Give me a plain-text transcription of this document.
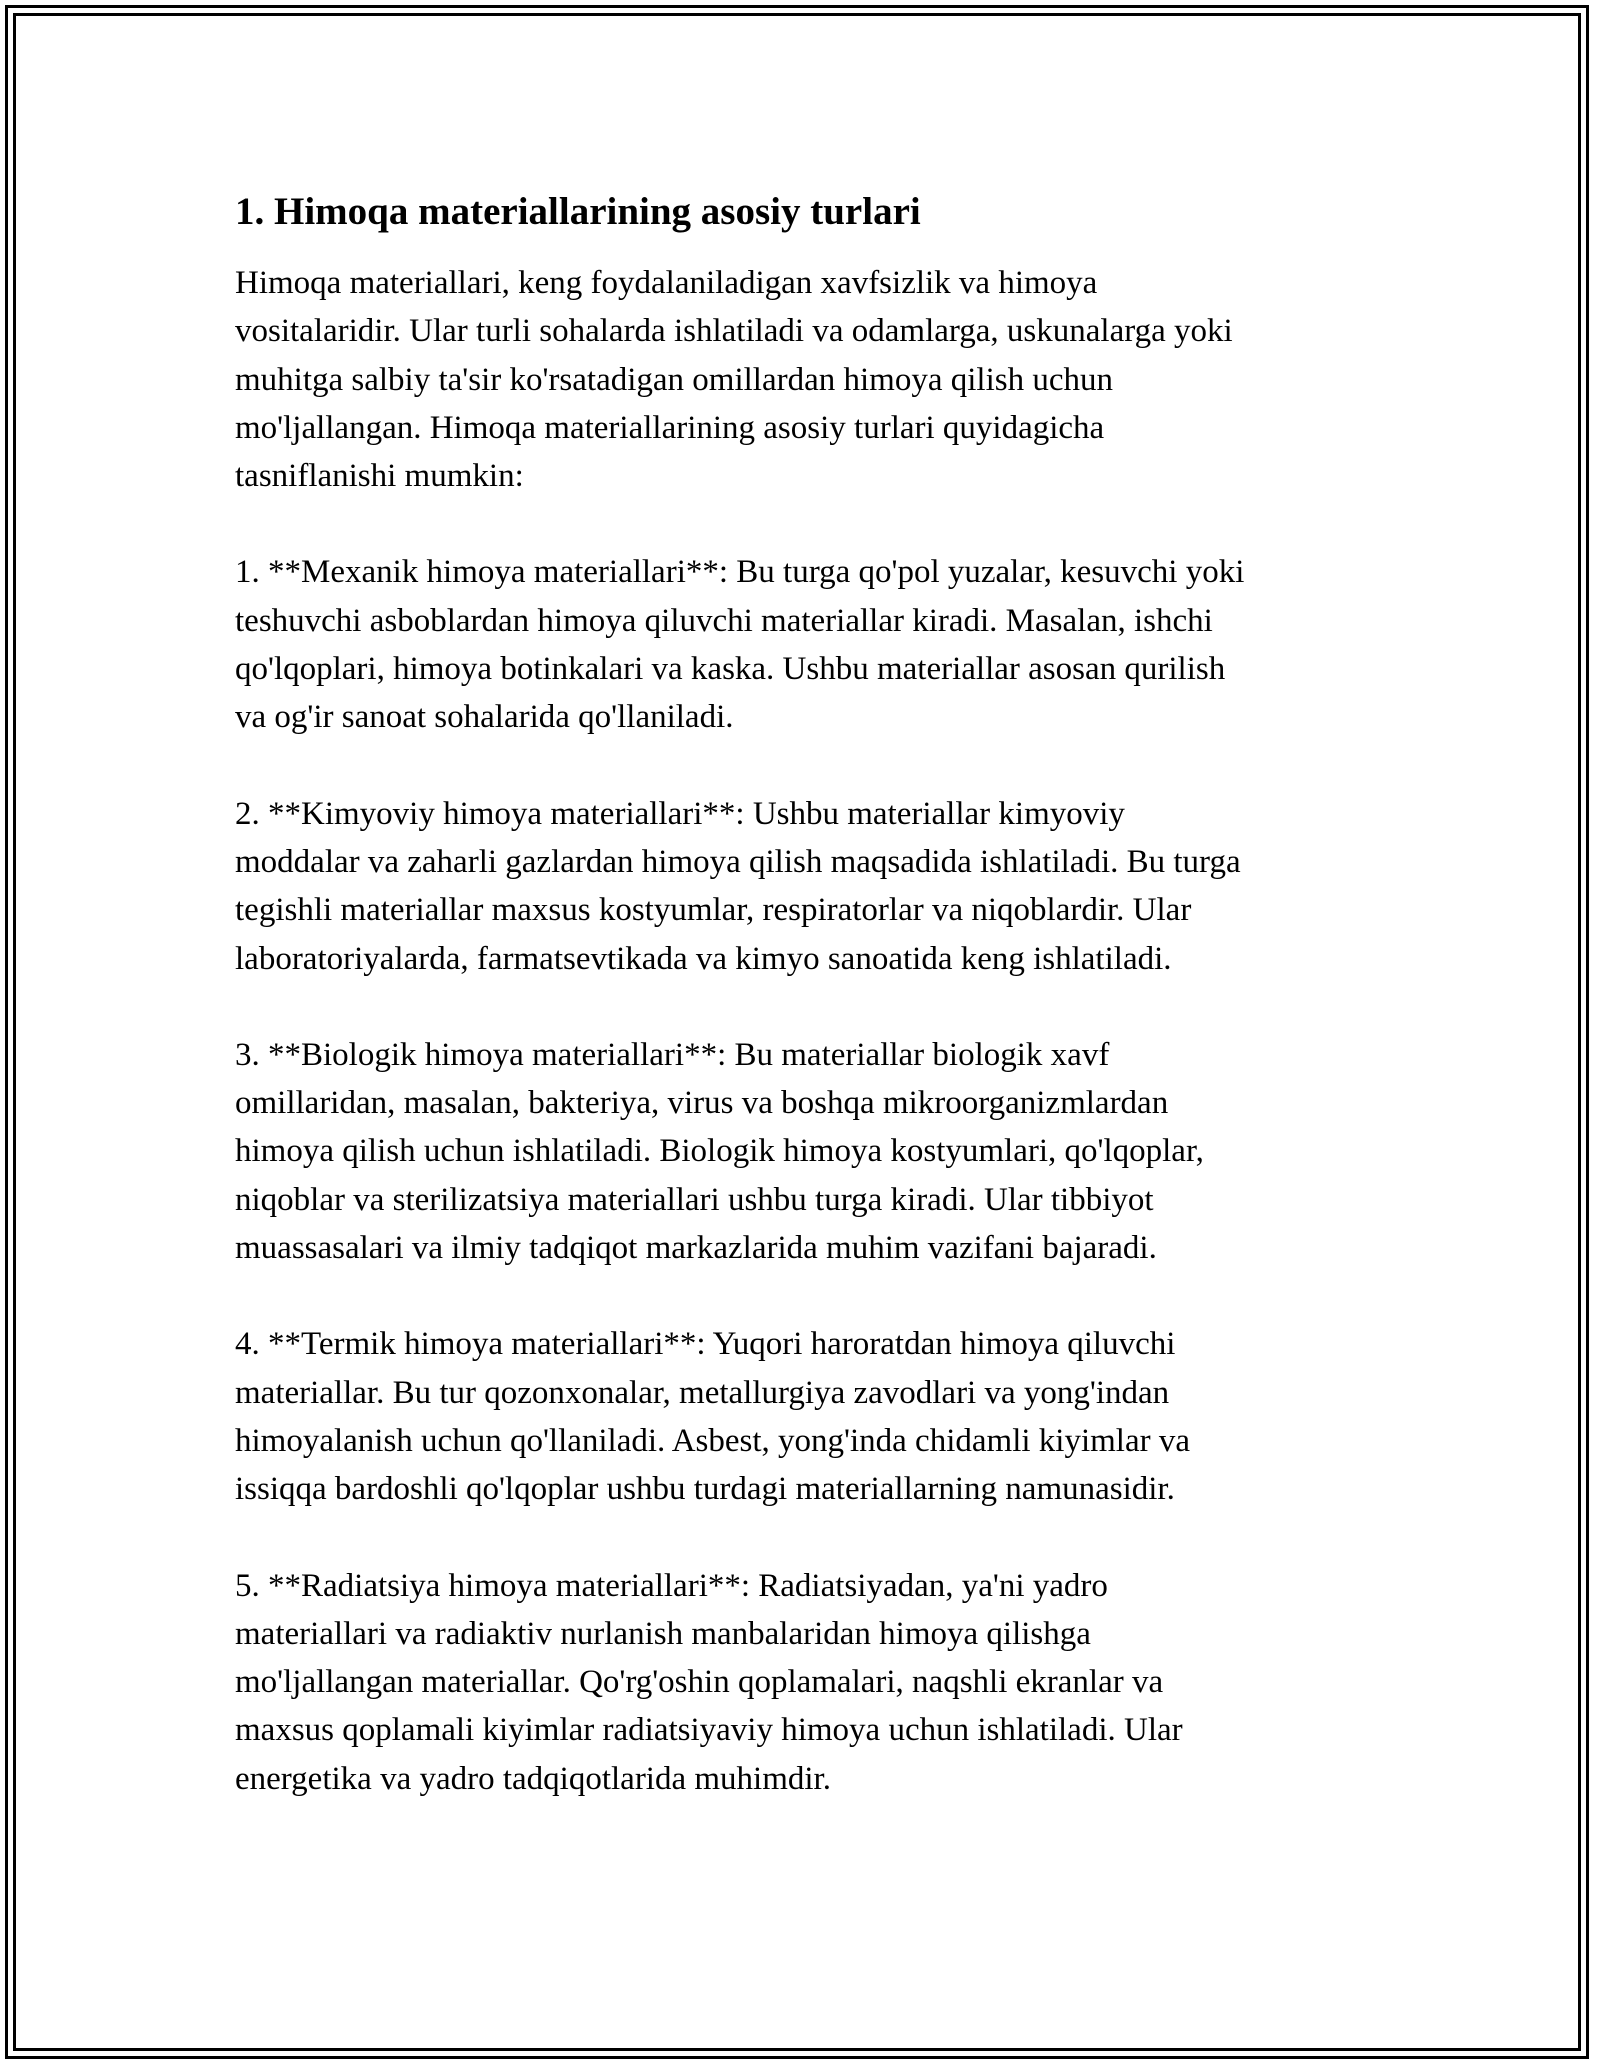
1. Himoqa materiallarining asosiy turlari

Himoqa materiallari, keng foydalaniladigan xavfsizlik va himoya
vositalaridir. Ular turli sohalarda ishlatiladi va odamlarga, uskunalarga yoki
muhitga salbiy ta'sir ko'rsatadigan omillardan himoya qilish uchun
mo'ljallangan. Himoqa materiallarining asosiy turlari quyidagicha
tasniflanishi mumkin:

1. **Mexanik himoya materiallari**: Bu turga qo'pol yuzalar, kesuvchi yoki
teshuvchi asboblardan himoya qiluvchi materiallar kiradi. Masalan, ishchi
qo'lqoplari, himoya botinkalari va kaska. Ushbu materiallar asosan qurilish
va og'ir sanoat sohalarida qo'llaniladi.

2. **Kimyoviy himoya materiallari**: Ushbu materiallar kimyoviy
moddalar va zaharli gazlardan himoya qilish maqsadida ishlatiladi. Bu turga
tegishli materiallar maxsus kostyumlar, respiratorlar va niqoblardir. Ular
laboratoriyalarda, farmatsevtikada va kimyo sanoatida keng ishlatiladi.

3. **Biologik himoya materiallari**: Bu materiallar biologik xavf
omillaridan, masalan, bakteriya, virus va boshqa mikroorganizmlardan
himoya qilish uchun ishlatiladi. Biologik himoya kostyumlari, qo'lqoplar,
niqoblar va sterilizatsiya materiallari ushbu turga kiradi. Ular tibbiyot
muassasalari va ilmiy tadqiqot markazlarida muhim vazifani bajaradi.

4. **Termik himoya materiallari**: Yuqori haroratdan himoya qiluvchi
materiallar. Bu tur qozonxonalar, metallurgiya zavodlari va yong'indan
himoyalanish uchun qo'llaniladi. Asbest, yong'inda chidamli kiyimlar va
issiqqa bardoshli qo'lqoplar ushbu turdagi materiallarning namunasidir.

5. **Radiatsiya himoya materiallari**: Radiatsiyadan, ya'ni yadro
materiallari va radiaktiv nurlanish manbalaridan himoya qilishga
mo'ljallangan materiallar. Qo'rg'oshin qoplamalari, naqshli ekranlar va
maxsus qoplamali kiyimlar radiatsiyaviy himoya uchun ishlatiladi. Ular
energetika va yadro tadqiqotlarida muhimdir.
